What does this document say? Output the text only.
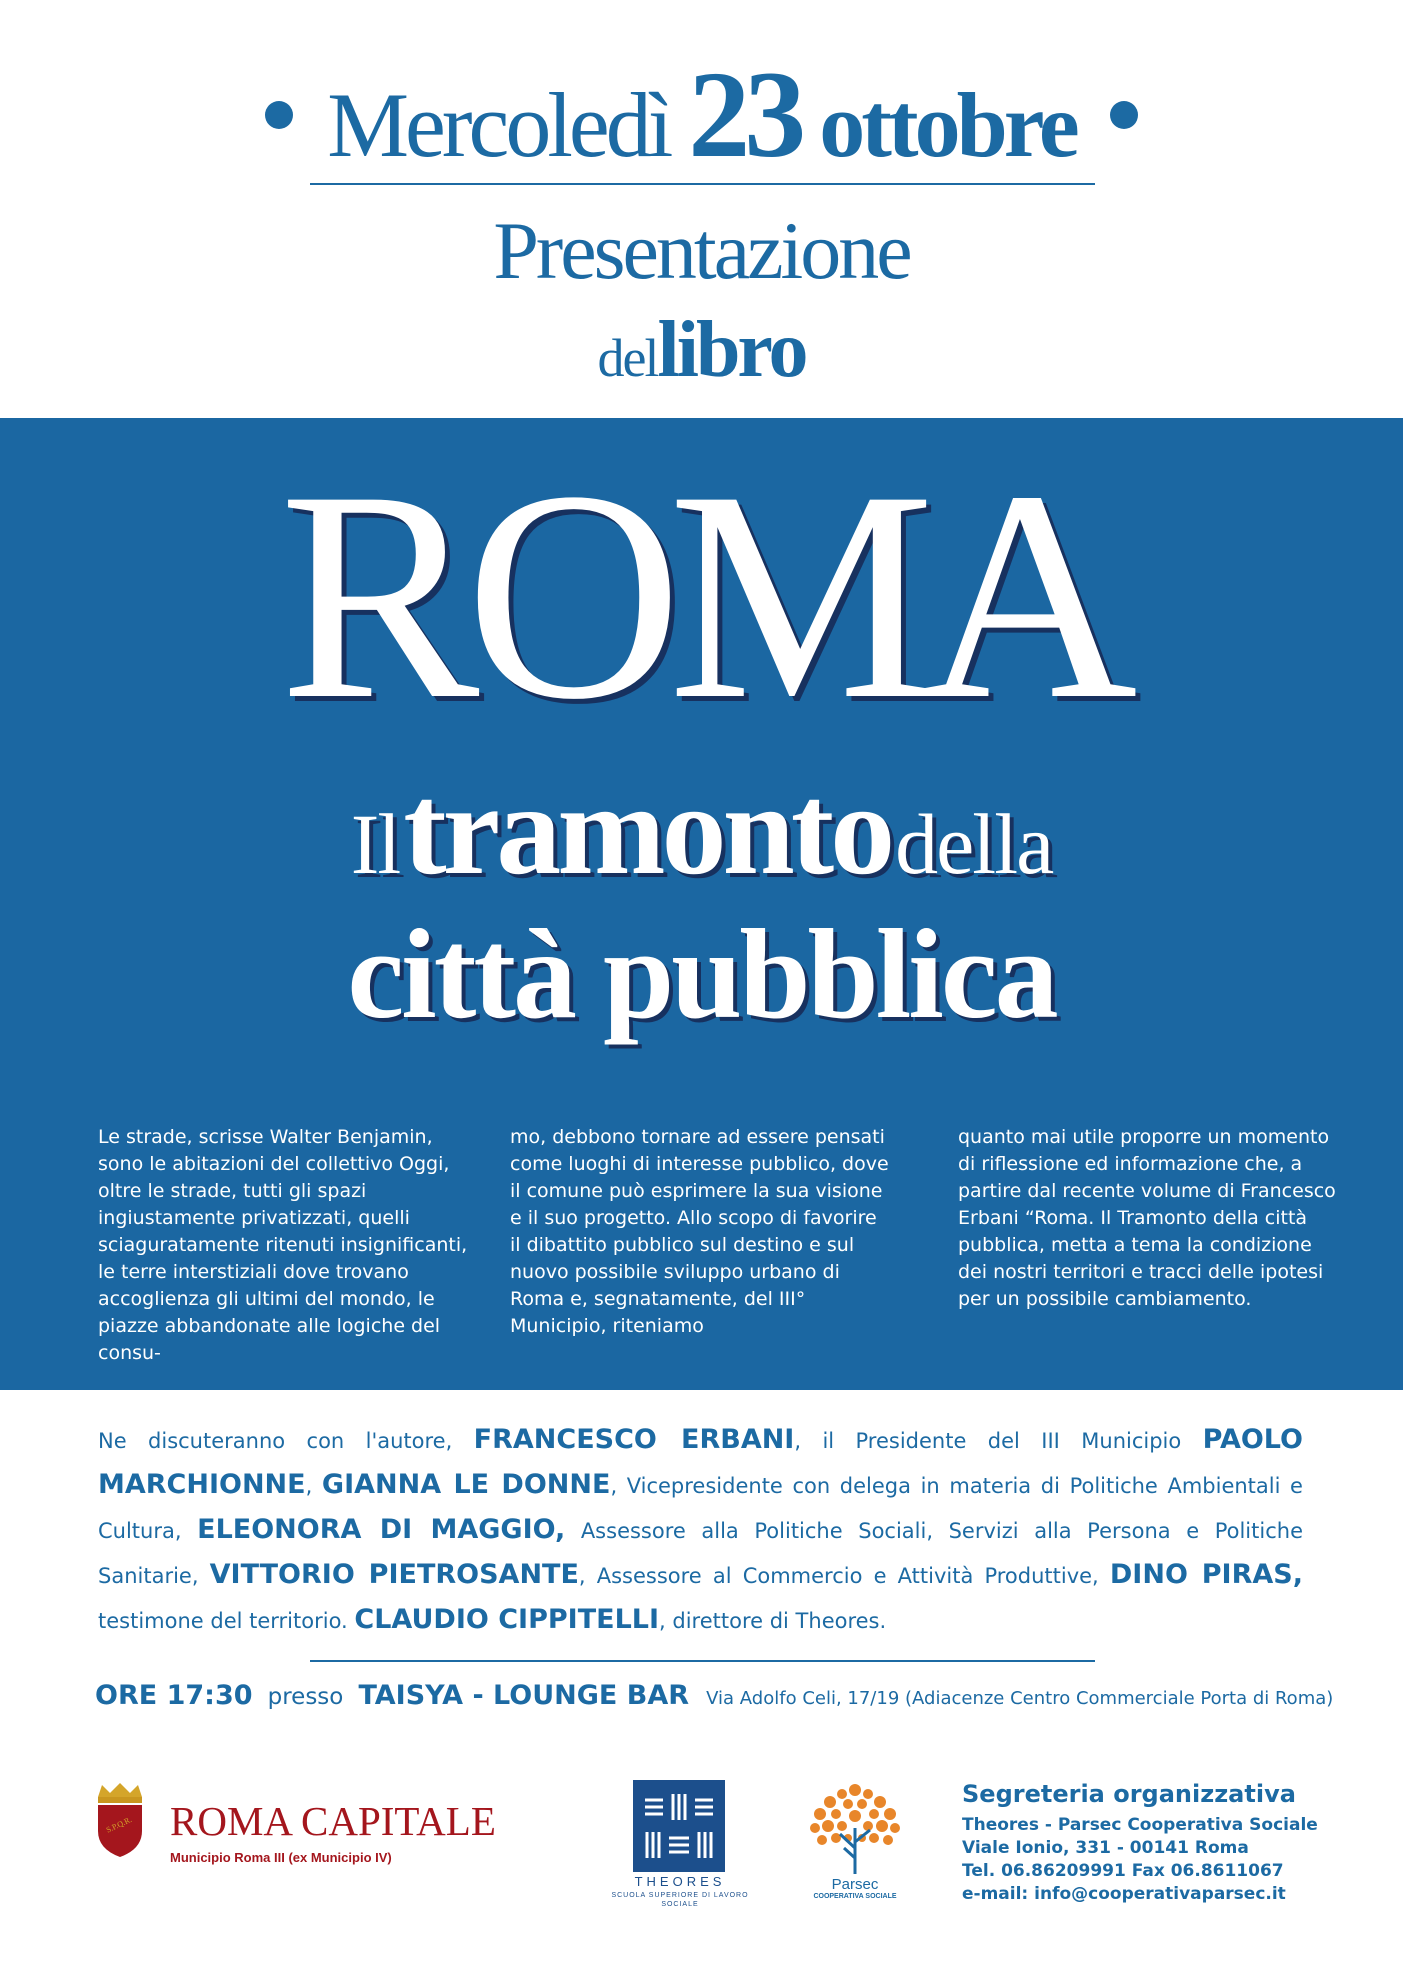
Mercoledì 23 ottobre
Presentazione
dellibro
ROMA
Il tramonto della
città pubblica
Le strade, scrisse Walter Benjamin, sono le abitazioni del collettivo Oggi, oltre le strade, tutti gli spazi ingiustamente privatizzati, quelli sciaguratamente ritenuti insignificanti, le terre interstiziali dove trovano accoglienza gli ultimi del mondo, le piazze abbandonate alle logiche del consu-
mo, debbono tornare ad essere pensati come luoghi di interesse pubblico, dove il comune può esprimere la sua visione e il suo progetto. Allo scopo di favorire il dibattito pubblico sul destino e sul nuovo possibile sviluppo urbano di Roma e, segnatamente, del III° Municipio, riteniamo
quanto mai utile proporre un momento di riflessione ed informazione che, a partire dal recente volume di Francesco Erbani “Roma. Il Tramonto della città pubblica, metta a tema la condizione dei nostri territori e tracci delle ipotesi per un possibile cambiamento.
Ne discuteranno con l'autore, FRANCESCO ERBANI, il Presidente del III Municipio PAOLO MARCHIONNE, GIANNA LE DONNE, Vicepresidente con delega in materia di Politiche Ambientali e Cultura, ELEONORA DI MAGGIO, Assessore alla Politiche Sociali, Servizi alla Persona e Politiche Sanitarie, VITTORIO PIETROSANTE, Assessore al Commercio e Attività Produttive, DINO PIRAS, testimone del territorio. CLAUDIO CIPPITELLI, direttore di Theores.
ORE 17:30 presso TAISYA - LOUNGE BAR Via Adolfo Celi, 17/19 (Adiacenze Centro Commerciale Porta di Roma)
S.P.Q.R. ROMA CAPITALE
Municipio Roma III (ex Municipio IV)
THEORES
SCUOLA SUPERIORE DI LAVORO SOCIALE
Parsec
COOPERATIVA SOCIALE
Segreteria organizzativa
Theores - Parsec Cooperativa Sociale
Viale Ionio, 331 - 00141 Roma
Tel. 06.86209991 Fax 06.8611067
e-mail: info@cooperativaparsec.it
